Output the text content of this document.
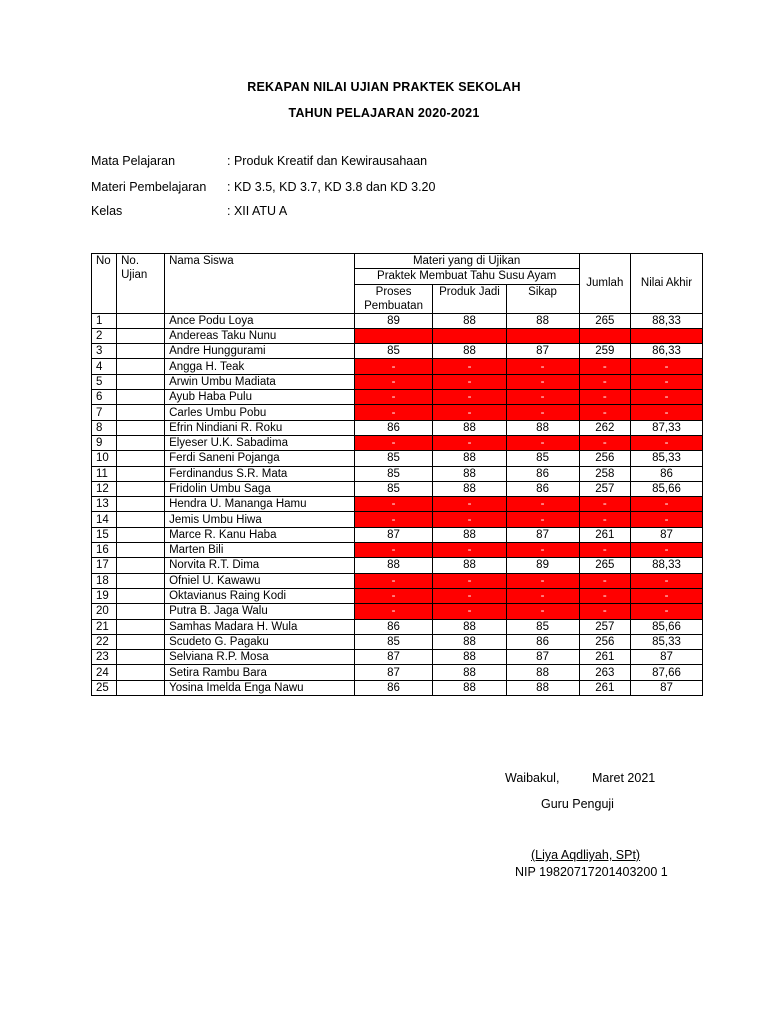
REKAPAN NILAI UJIAN PRAKTEK SEKOLAH
TAHUN PELAJARAN 2020-2021
Mata Pelajaran	: Produk Kreatif dan Kewirausahaan
Materi Pembelajaran : KD 3.5, KD 3.7, KD 3.8 dan KD 3.20
Kelas	: XII ATU A
No	No. Ujian	Nama Siswa	Materi yang di Ujikan			Jumlah	Nilai Akhir
			Praktek Membuat Tahu Susu Ayam				
			Proses Pembuatan	Produk Jadi	Sikap		
1		Ance Podu Loya	89	88	88	265	88,33
2		Andereas Taku Nunu					
3		Andre Hunggurami	85	88	87	259	86,33
4		Angga H. Teak	-	-	-	-	-
5		Arwin Umbu Madiata	-	-	-	-	-
6		Ayub Haba Pulu	-	-	-	-	-
7		Carles Umbu Pobu	-	-	-	-	-
8		Efrin Nindiani R. Roku	86	88	88	262	87,33
9		Elyeser U.K. Sabadima	-	-	-	-	-
10		Ferdi Saneni Pojanga	85	88	85	256	85,33
11		Ferdinandus S.R. Mata	85	88	86	258	86
12		Fridolin Umbu Saga	85	88	86	257	85,66
13		Hendra U. Mananga Hamu	-	-	-	-	-
14		Jemis Umbu Hiwa	-	-	-	-	-
15		Marce R. Kanu Haba	87	88	87	261	87
16		Marten Bili	-	-	-	-	-
17		Norvita R.T. Dima	88	88	89	265	88,33
18		Ofniel U. Kawawu	-	-	-	-	-
19		Oktavianus Raing Kodi	-	-	-	-	-
20		Putra B. Jaga Walu	-	-	-	-	-
21		Samhas Madara H. Wula	86	88	85	257	85,66
22		Scudeto G. Pagaku	85	88	86	256	85,33
23		Selviana R.P. Mosa	87	88	87	261	87
24		Setira Rambu Bara	87	88	88	263	87,66
25		Yosina Imelda Enga Nawu	86	88	88	261	87
Waibakul,	Maret 2021
Guru Penguji
(Liya Aqdliyah, SPt)
NIP 19820717201403200 1
